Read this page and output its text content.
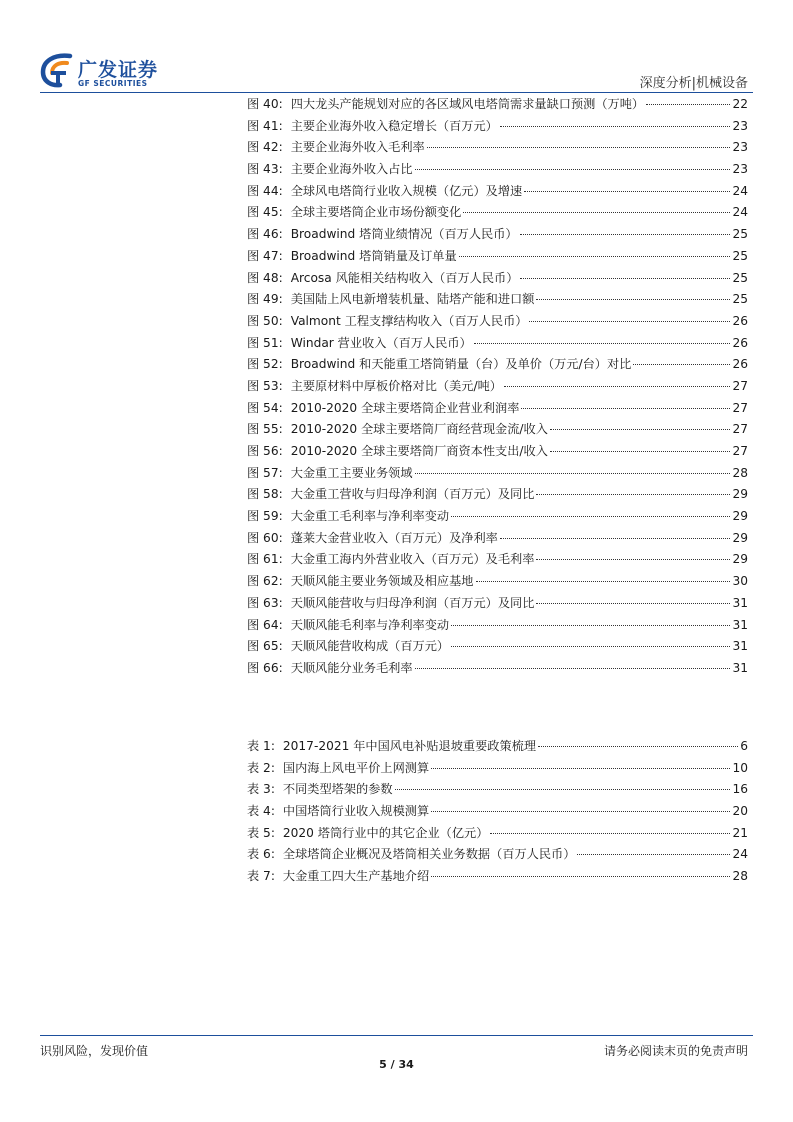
广发证券
GF SECURITIES	深度分析|机械设备
图 40: 四大龙头产能规划对应的各区域风电塔筒需求量缺口预测（万吨）	22
图 41: 主要企业海外收入稳定增长（百万元）	23
图 42: 主要企业海外收入毛利率	23
图 43: 主要企业海外收入占比	23
图 44: 全球风电塔筒行业收入规模（亿元）及增速	24
图 45: 全球主要塔筒企业市场份额变化	24
图 46: Broadwind 塔筒业绩情况（百万人民币）	25
图 47: Broadwind 塔筒销量及订单量	25
图 48: Arcosa 风能相关结构收入（百万人民币）	25
图 49: 美国陆上风电新增装机量、陆塔产能和进口额	25
图 50: Valmont 工程支撑结构收入（百万人民币）	26
图 51: Windar 营业收入（百万人民币）	26
图 52: Broadwind 和天能重工塔筒销量（台）及单价（万元/台）对比	26
图 53: 主要原材料中厚板价格对比（美元/吨）	27
图 54: 2010-2020 全球主要塔筒企业营业利润率	27
图 55: 2010-2020 全球主要塔筒厂商经营现金流/收入	27
图 56: 2010-2020 全球主要塔筒厂商资本性支出/收入	27
图 57: 大金重工主要业务领域	28
图 58: 大金重工营收与归母净利润（百万元）及同比	29
图 59: 大金重工毛利率与净利率变动	29
图 60: 蓬莱大金营业收入（百万元）及净利率	29
图 61: 大金重工海内外营业收入（百万元）及毛利率	29
图 62: 天顺风能主要业务领域及相应基地	30
图 63: 天顺风能营收与归母净利润（百万元）及同比	31
图 64: 天顺风能毛利率与净利率变动	31
图 65: 天顺风能营收构成（百万元）	31
图 66: 天顺风能分业务毛利率	31
表 1: 2017-2021 年中国风电补贴退坡重要政策梳理	6
表 2: 国内海上风电平价上网测算	10
表 3: 不同类型塔架的参数	16
表 4: 中国塔筒行业收入规模测算	20
表 5: 2020 塔筒行业中的其它企业（亿元）	21
表 6: 全球塔筒企业概况及塔筒相关业务数据（百万人民币）	24
表 7: 大金重工四大生产基地介绍	28
识别风险，发现价值	请务必阅读末页的免责声明
5 / 34
